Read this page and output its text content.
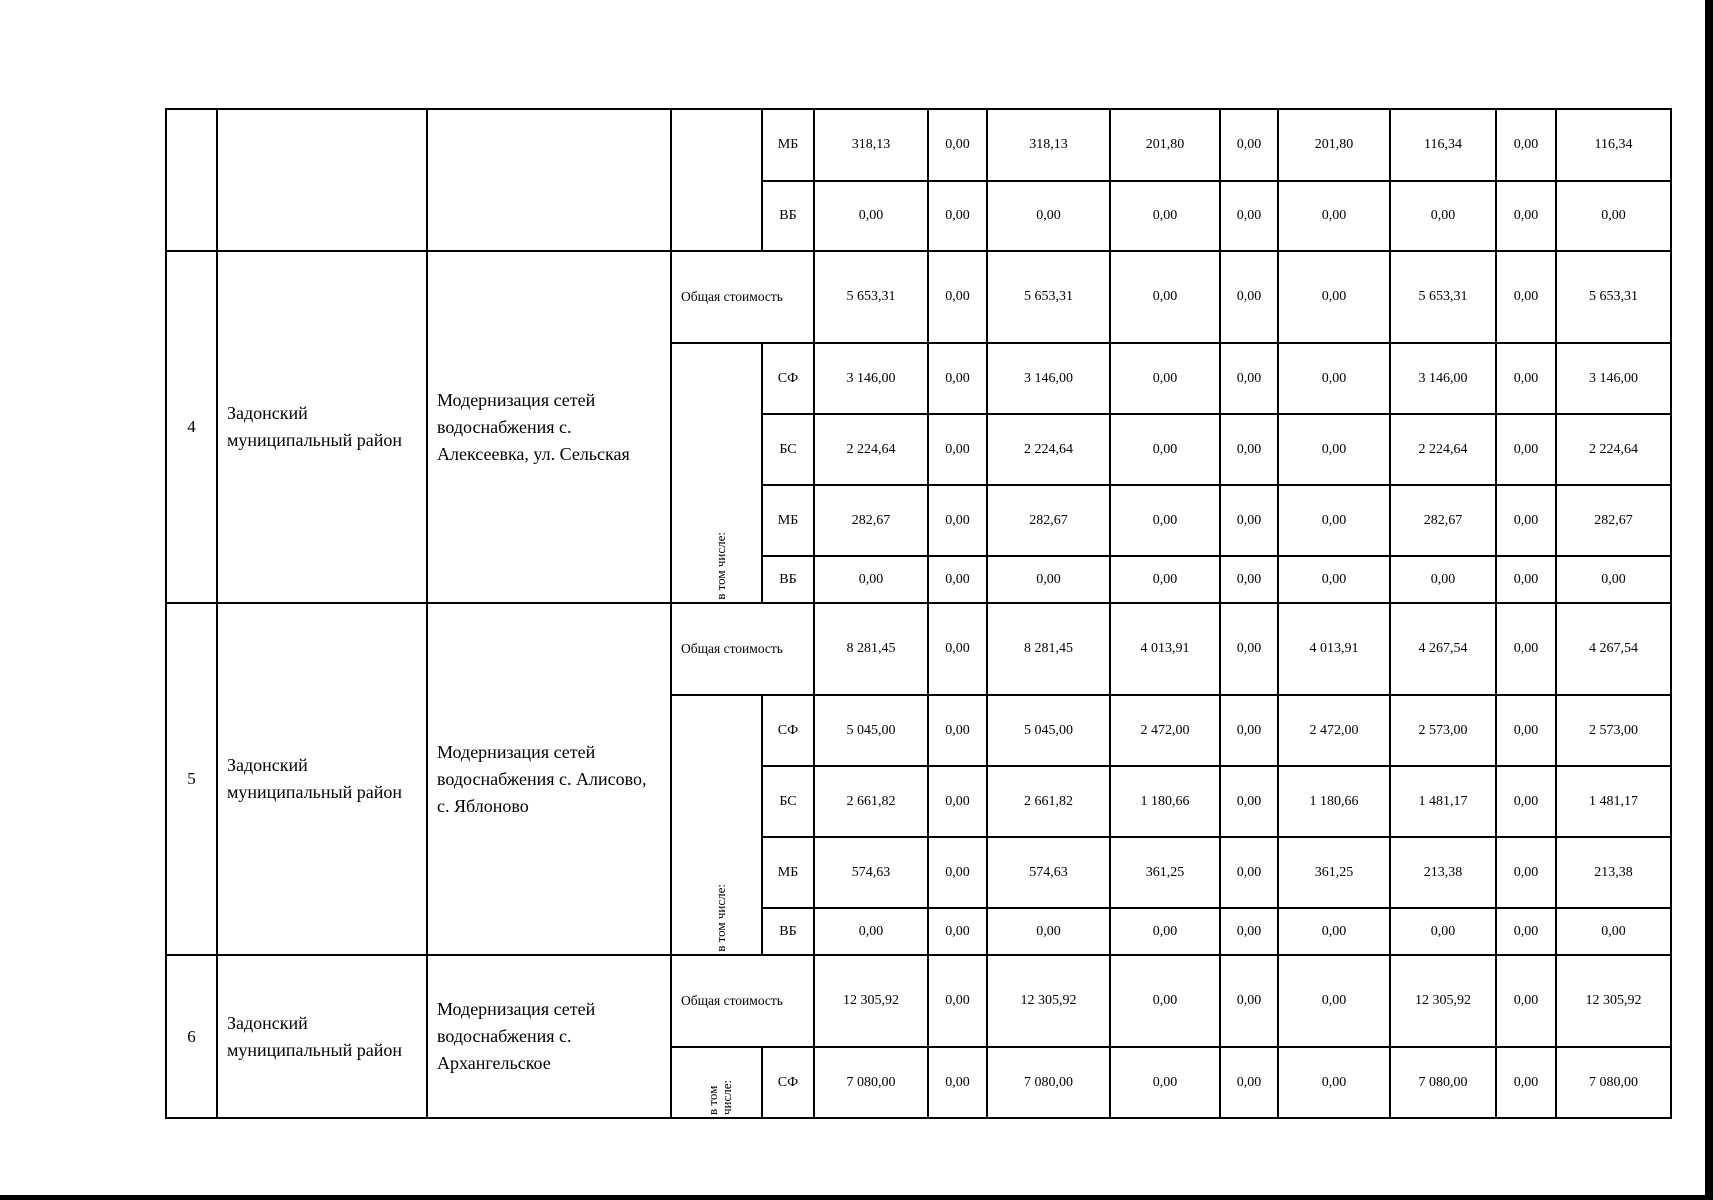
				МБ	318,13	0,00	318,13	201,80	0,00	201,80	116,34	0,00	116,34
				ВБ	0,00	0,00	0,00	0,00	0,00	0,00	0,00	0,00	0,00
4	Задонский муниципальный район	Модернизация сетей водоснабжения с. Алексеевка, ул. Сельская	Общая стоимость		5 653,31	0,00	5 653,31	0,00	0,00	0,00	5 653,31	0,00	5 653,31

			в том числе:	СФ	3 146,00	0,00	3 146,00	0,00	0,00	0,00	3 146,00	0,00	3 146,00
				БС	2 224,64	0,00	2 224,64	0,00	0,00	0,00	2 224,64	0,00	2 224,64
				МБ	282,67	0,00	282,67	0,00	0,00	0,00	282,67	0,00	282,67
				ВБ	0,00	0,00	0,00	0,00	0,00	0,00	0,00	0,00	0,00
5	Задонский муниципальный район	Модернизация сетей водоснабжения с. Алисово, с. Яблоново	Общая стоимость		8 281,45	0,00	8 281,45	4 013,91	0,00	4 013,91	4 267,54	0,00	4 267,54

			в том числе:	СФ	5 045,00	0,00	5 045,00	2 472,00	0,00	2 472,00	2 573,00	0,00	2 573,00
				БС	2 661,82	0,00	2 661,82	1 180,66	0,00	1 180,66	1 481,17	0,00	1 481,17
				МБ	574,63	0,00	574,63	361,25	0,00	361,25	213,38	0,00	213,38
				ВБ	0,00	0,00	0,00	0,00	0,00	0,00	0,00	0,00	0,00
6	Задонский муниципальный район	Модернизация сетей водоснабжения с. Архангельское	Общая стоимость		12 305,92	0,00	12 305,92	0,00	0,00	0,00	12 305,92	0,00	12 305,92

			в том числе:	СФ	7 080,00	0,00	7 080,00	0,00	0,00	0,00	7 080,00	0,00	7 080,00
